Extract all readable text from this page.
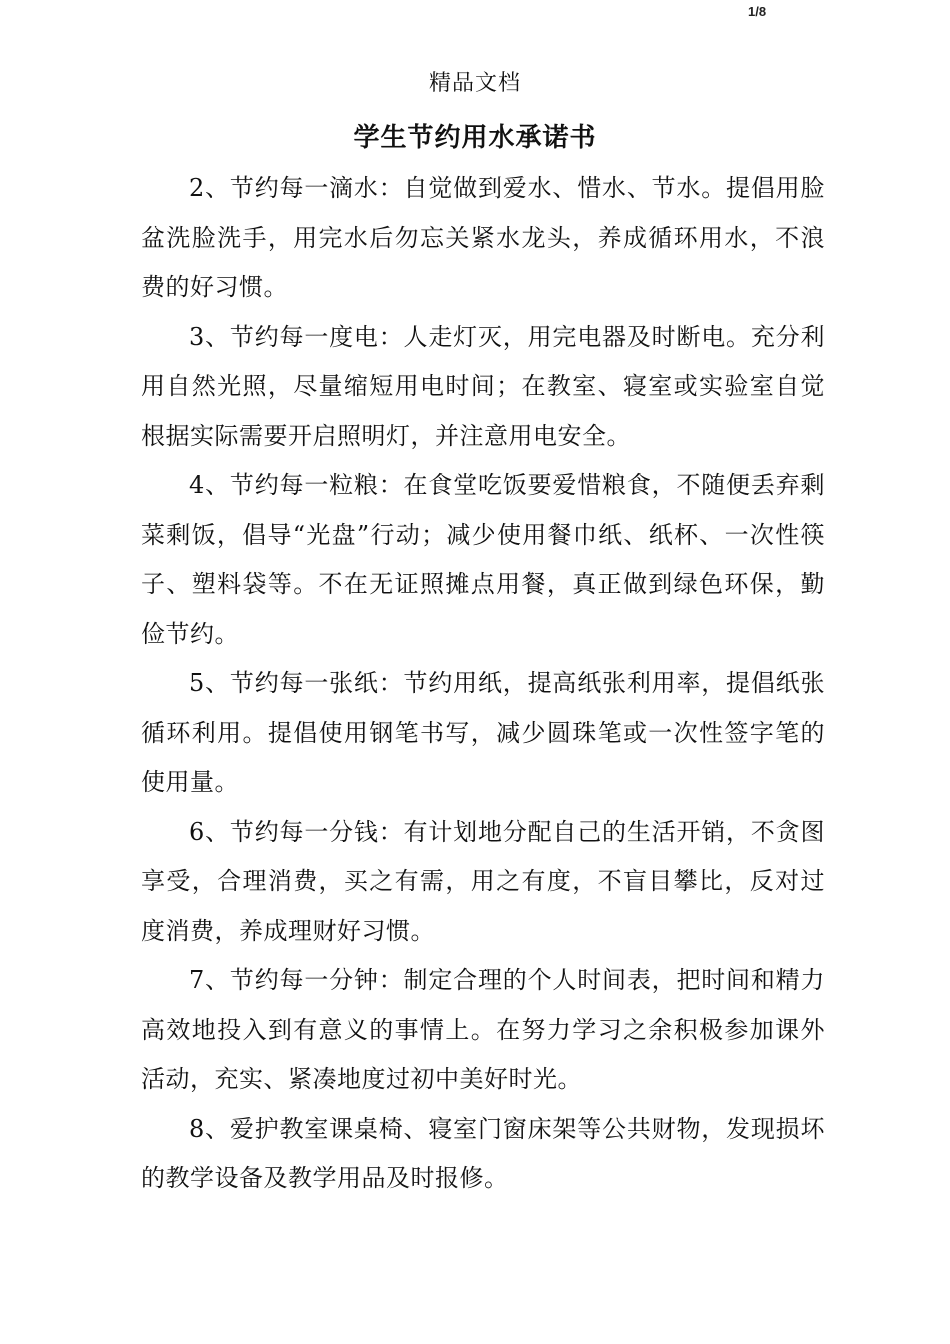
1/8
精品文档
学生节约用水承诺书

2、节约每一滴水：自觉做到爱水、惜水、节水。提倡用脸盆洗脸洗手，用完水后勿忘关紧水龙头，养成循环用水，不浪费的好习惯。

3、节约每一度电：人走灯灭，用完电器及时断电。充分利用自然光照，尽量缩短用电时间；在教室、寝室或实验室自觉根据实际需要开启照明灯，并注意用电安全。

4、节约每一粒粮：在食堂吃饭要爱惜粮食，不随便丢弃剩菜剩饭，倡导“光盘”行动；减少使用餐巾纸、纸杯、一次性筷子、塑料袋等。不在无证照摊点用餐，真正做到绿色环保，勤俭节约。

5、节约每一张纸：节约用纸，提高纸张利用率，提倡纸张循环利用。提倡使用钢笔书写，减少圆珠笔或一次性签字笔的使用量。

6、节约每一分钱：有计划地分配自己的生活开销，不贪图享受，合理消费，买之有需，用之有度，不盲目攀比，反对过度消费，养成理财好习惯。

7、节约每一分钟：制定合理的个人时间表，把时间和精力高效地投入到有意义的事情上。在努力学习之余积极参加课外活动，充实、紧凑地度过初中美好时光。

8、爱护教室课桌椅、寝室门窗床架等公共财物，发现损坏的教学设备及教学用品及时报修。
